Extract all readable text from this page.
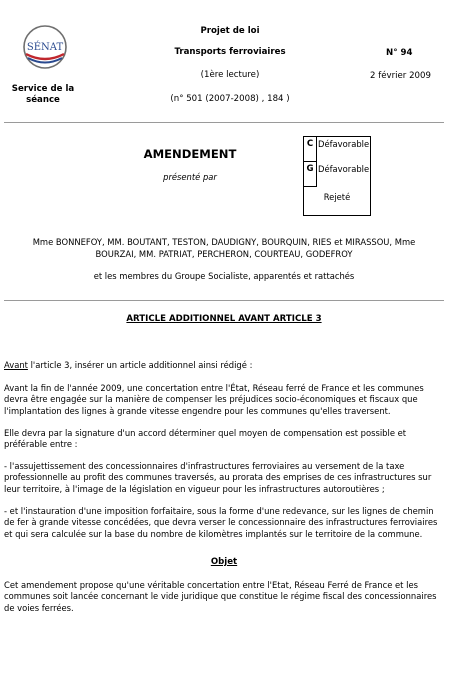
SÉNAT
Service de la séance
Projet de loi
Transports ferroviaires
(1ère lecture)
(n° 501 (2007-2008) , 184 )
N° 94
2 février 2009
AMENDEMENT
présenté par
C Défavorable
G Défavorable
Rejeté
Mme BONNEFOY, MM. BOUTANT, TESTON, DAUDIGNY, BOURQUIN, RIES et MIRASSOU, Mme
BOURZAI, MM. PATRIAT, PERCHERON, COURTEAU, GODEFROY
et les membres du Groupe Socialiste, apparentés et rattachés
ARTICLE ADDITIONNEL AVANT ARTICLE 3
Avant l'article 3, insérer un article additionnel ainsi rédigé :
Avant la fin de l'année 2009, une concertation entre l'État, Réseau ferré de France et les communes devra être engagée sur la manière de compenser les préjudices socio-économiques et fiscaux que l'implantation des lignes à grande vitesse engendre pour les communes qu'elles traversent.
Elle devra par la signature d'un accord déterminer quel moyen de compensation est possible et préférable entre :
- l'assujettissement des concessionnaires d'infrastructures ferroviaires au versement de la taxe professionnelle au profit des communes traversés, au prorata des emprises de ces infrastructures sur leur territoire, à l'image de la législation en vigueur pour les infrastructures autoroutières ;
- et l'instauration d'une imposition forfaitaire, sous la forme d'une redevance, sur les lignes de chemin de fer à grande vitesse concédées, que devra verser le concessionnaire des infrastructures ferroviaires et qui sera calculée sur la base du nombre de kilomètres implantés sur le territoire de la commune.
Objet
Cet amendement propose qu'une véritable concertation entre l'Etat, Réseau Ferré de France et les communes soit lancée concernant le vide juridique que constitue le régime fiscal des concessionnaires de voies ferrées.
